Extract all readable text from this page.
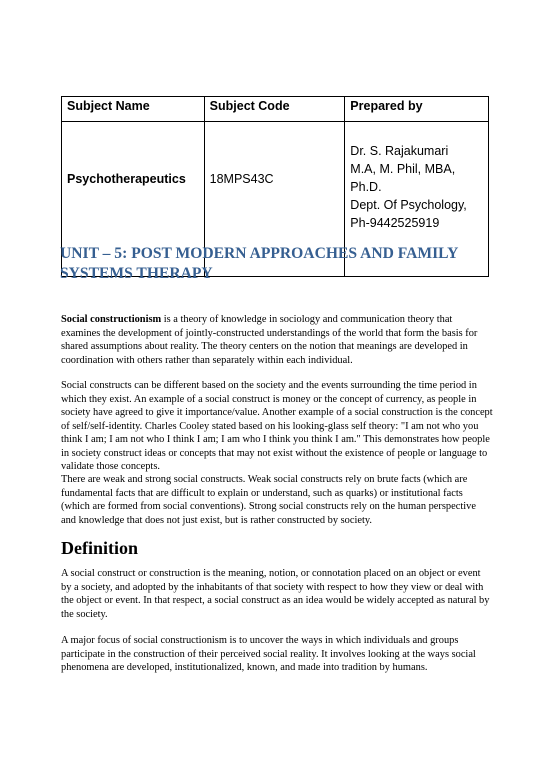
Subject Name	Subject Code	Prepared by
Psychotherapeutics	18MPS43C	Dr. S. Rajakumari
M.A, M. Phil, MBA,
Ph.D.
Dept. Of Psychology,
Ph-9442525919
UNIT – 5: POST MODERN APPROACHES AND FAMILY SYSTEMS THERAPY

Social constructionism is a theory of knowledge in sociology and communication theory that examines the development of jointly-constructed understandings of the world that form the basis for shared assumptions about reality. The theory centers on the notion that meanings are developed in coordination with others rather than separately within each individual.

Social constructs can be different based on the society and the events surrounding the time period in which they exist. An example of a social construct is money or the concept of currency, as people in society have agreed to give it importance/value. Another example of a social construction is the concept of self/self-identity. Charles Cooley stated based on his looking-glass self theory: "I am not who you think I am; I am not who I think I am; I am who I think you think I am." This demonstrates how people in society construct ideas or concepts that may not exist without the existence of people or language to validate those concepts.

There are weak and strong social constructs. Weak social constructs rely on brute facts (which are fundamental facts that are difficult to explain or understand, such as quarks) or institutional facts (which are formed from social conventions). Strong social constructs rely on the human perspective and knowledge that does not just exist, but is rather constructed by society.

Definition

A social construct or construction is the meaning, notion, or connotation placed on an object or event by a society, and adopted by the inhabitants of that society with respect to how they view or deal with the object or event. In that respect, a social construct as an idea would be widely accepted as natural by the society.

A major focus of social constructionism is to uncover the ways in which individuals and groups participate in the construction of their perceived social reality. It involves looking at the ways social phenomena are developed, institutionalized, known, and made into tradition by humans.
